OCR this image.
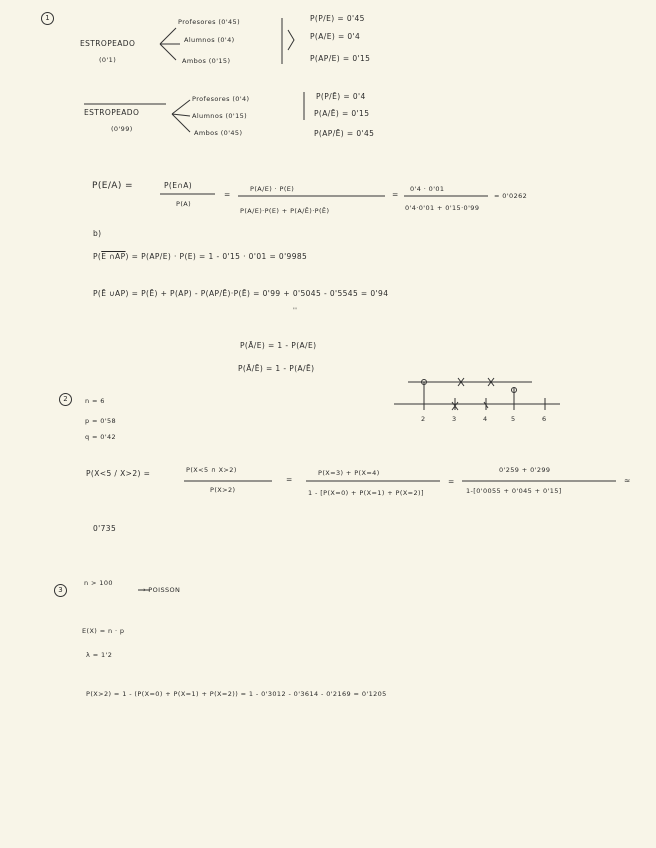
1
ESTROPEADO
(0'1)
Profesores (0'45)
Alumnos (0'4)
Ambos (0'15)
P(P/E) = 0'45
P(A/E) = 0'4
P(AP/E) = 0'15
ESTROPEADO
(0'99)
Profesores (0'4)
Alumnos (0'15)
Ambos (0'45)
P(P/Ē) = 0'4
P(A/Ē) = 0'15
P(AP/Ē) = 0'45
P(E/A) =	P(E∩A)
P(A)
=
P(A/E) · P(E)
P(A/E)·P(E) + P(A/Ē)·P(Ē)
=
0'4 · 0'01
0'4·0'01 + 0'15·0'99
= 0'0262
b)
P(E ∩AP) = P(AP/E) · P(E) = 1 - 0'15 · 0'01 = 0'9985
P(Ē ∪AP) = P(Ē) + P(AP) - P(AP/Ē)·P(Ē) = 0'99 + 0'5045 - 0'5545 = 0'94
''
P(Ā/E) = 1 - P(A/E)
P(Ā/Ē) = 1 - P(A/Ē)
2	n = 6
p = 0'58
q = 0'42
2	3	4	5	6
P(X<5 / X>2) =	P(X<5 ∩ X>2)
P(X>2)
=
P(X=3) + P(X=4)
1 - [P(X=0) + P(X=1) + P(X=2)]
=
0'259 + 0'299
1-[0'0055 + 0'045 + 0'15]
≈
0'735
3
n > 100
→ POISSON
E(X) = n · p
λ = 1'2
P(X>2) = 1 - (P(X=0) + P(X=1) + P(X=2)) = 1 - 0'3012 - 0'3614 - 0'2169 = 0'1205
